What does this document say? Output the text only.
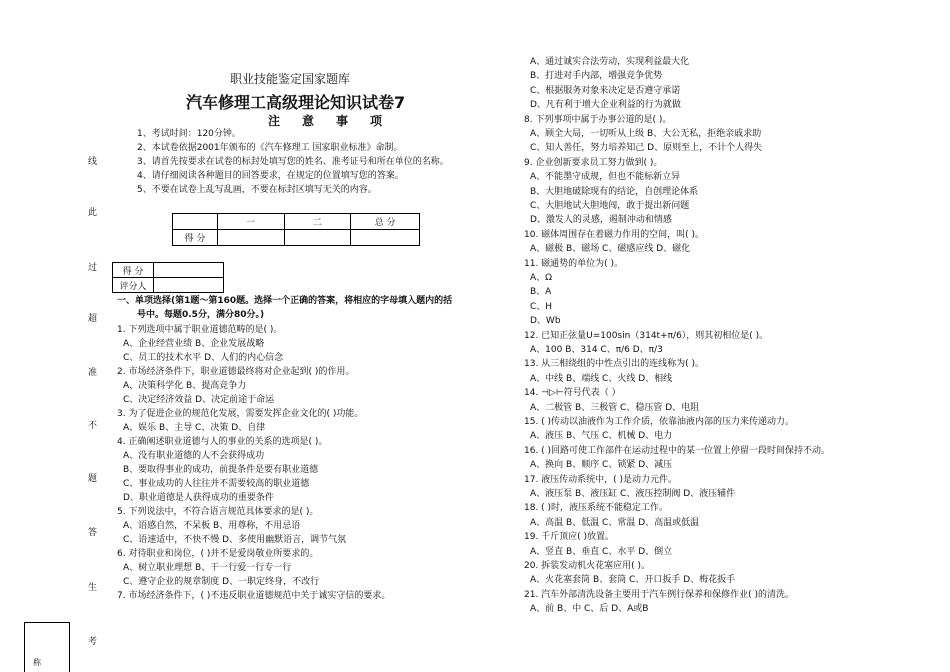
线
此
过
超
准
不
题
答
生
考
称
职业技能鉴定国家题库
汽车修理工高级理论知识试卷7
注意事项
1、考试时间：120分钟。
2、本试卷依据2001年颁布的《汽车修理工 国家职业标准》命制。
3、请首先按要求在试卷的标封处填写您的姓名、准考证号和所在单位的名称。
4、请仔细阅读各种题目的回答要求，在规定的位置填写您的答案。
5、不要在试卷上乱写乱画，不要在标封区填写无关的内容。
	一	二	总 分
得 分			
得 分	
评分人	
一、单项选择(第1题～第160题。选择一个正确的答案，将相应的字母填入题内的括
号中。每题0.5分，满分80分。)
1. 下列选项中属于职业道德范畴的是( )。
A、企业经营业绩 B、企业发展战略
C、员工的技术水平 D、人们的内心信念
2. 市场经济条件下，职业道德最终将对企业起到( )的作用。
A、决策科学化 B、提高竞争力
C、决定经济效益 D、决定前途于命运
3. 为了促进企业的规范化发展，需要发挥企业文化的( )功能。
A、娱乐 B、主导 C、决策 D、自律
4. 正确阐述职业道德与人的事业的关系的选项是( )。
A、没有职业道德的人不会获得成功
B、要取得事业的成功，前提条件是要有职业道德
C、事业成功的人往往并不需要较高的职业道德
D、职业道德是人获得成功的重要条件
5. 下列说法中，不符合语言规范具体要求的是( )。
A、语感自然，不呆板 B、用尊称，不用忌语
C、语速适中，不快不慢 D、多使用幽默语言，调节气氛
6. 对待职业和岗位，( )并不是爱岗敬业所要求的。
A、树立职业理想 B、干一行爱一行专一行
C、遵守企业的规章制度 D、一职定终身，不改行
7. 市场经济条件下，( )不违反职业道德规范中关于诚实守信的要求。
A、通过诚实合法劳动，实现利益最大化
B、打进对手内部，增强竞争优势
C、根据服务对象来决定是否遵守承诺
D、凡有利于增大企业利益的行为就做
8. 下列事项中属于办事公道的是( )。
A、顾全大局，一切听从上级 B、大公无私，拒绝亲戚求助
C、知人善任，努力培养知己 D、原则至上，不计个人得失
9. 企业创新要求员工努力做到( )。
A、不能墨守成规，但也不能标新立异
B、大胆地破除现有的结论，自创理论体系
C、大胆地试大胆地闯，敢于提出新问题
D、激发人的灵感，遏制冲动和情感
10. 磁体周围存在着磁力作用的空间，叫( )。
A、磁极 B、磁场 C、磁感应线 D、磁化
11. 磁通势的单位为( )。
A、Ω
B、A
C、H
D、Wb
12. 已知正弦量U=100sin（314t+π/6），则其初相位是( )。
A、100 B、314 C、π/6 D、π/3
13. 从三相绕组的中性点引出的连线称为( )。
A、中线 B、端线 C、火线 D、相线
14. ⊣▷⊢符号代表（ ）
A、二极管 B、三极管 C、稳压管 D、电阻
15. ( )传动以油液作为工作介质，依靠油液内部的压力来传递动力。
A、液压 B、气压 C、机械 D、电力
16. ( )回路可使工作部件在运动过程中的某一位置上停留一段时间保持不动。
A、换向 B、顺序 C、锁紧 D、减压
17. 液压传动系统中，( )是动力元件。
A、液压泵 B、液压缸 C、液压控制阀 D、液压辅件
18. ( )时，液压系统不能稳定工作。
A、高温 B、低温 C、常温 D、高温或低温
19. 千斤顶应( )放置。
A、竖直 B、垂直 C、水平 D、倒立
20. 拆装发动机火花塞应用( )。
A、火花塞套筒 B、套筒 C、开口扳手 D、梅花扳手
21. 汽车外部清洗设备主要用于汽车例行保养和保修作业( )的清洗。
A、前 B、中 C、后 D、A或B
